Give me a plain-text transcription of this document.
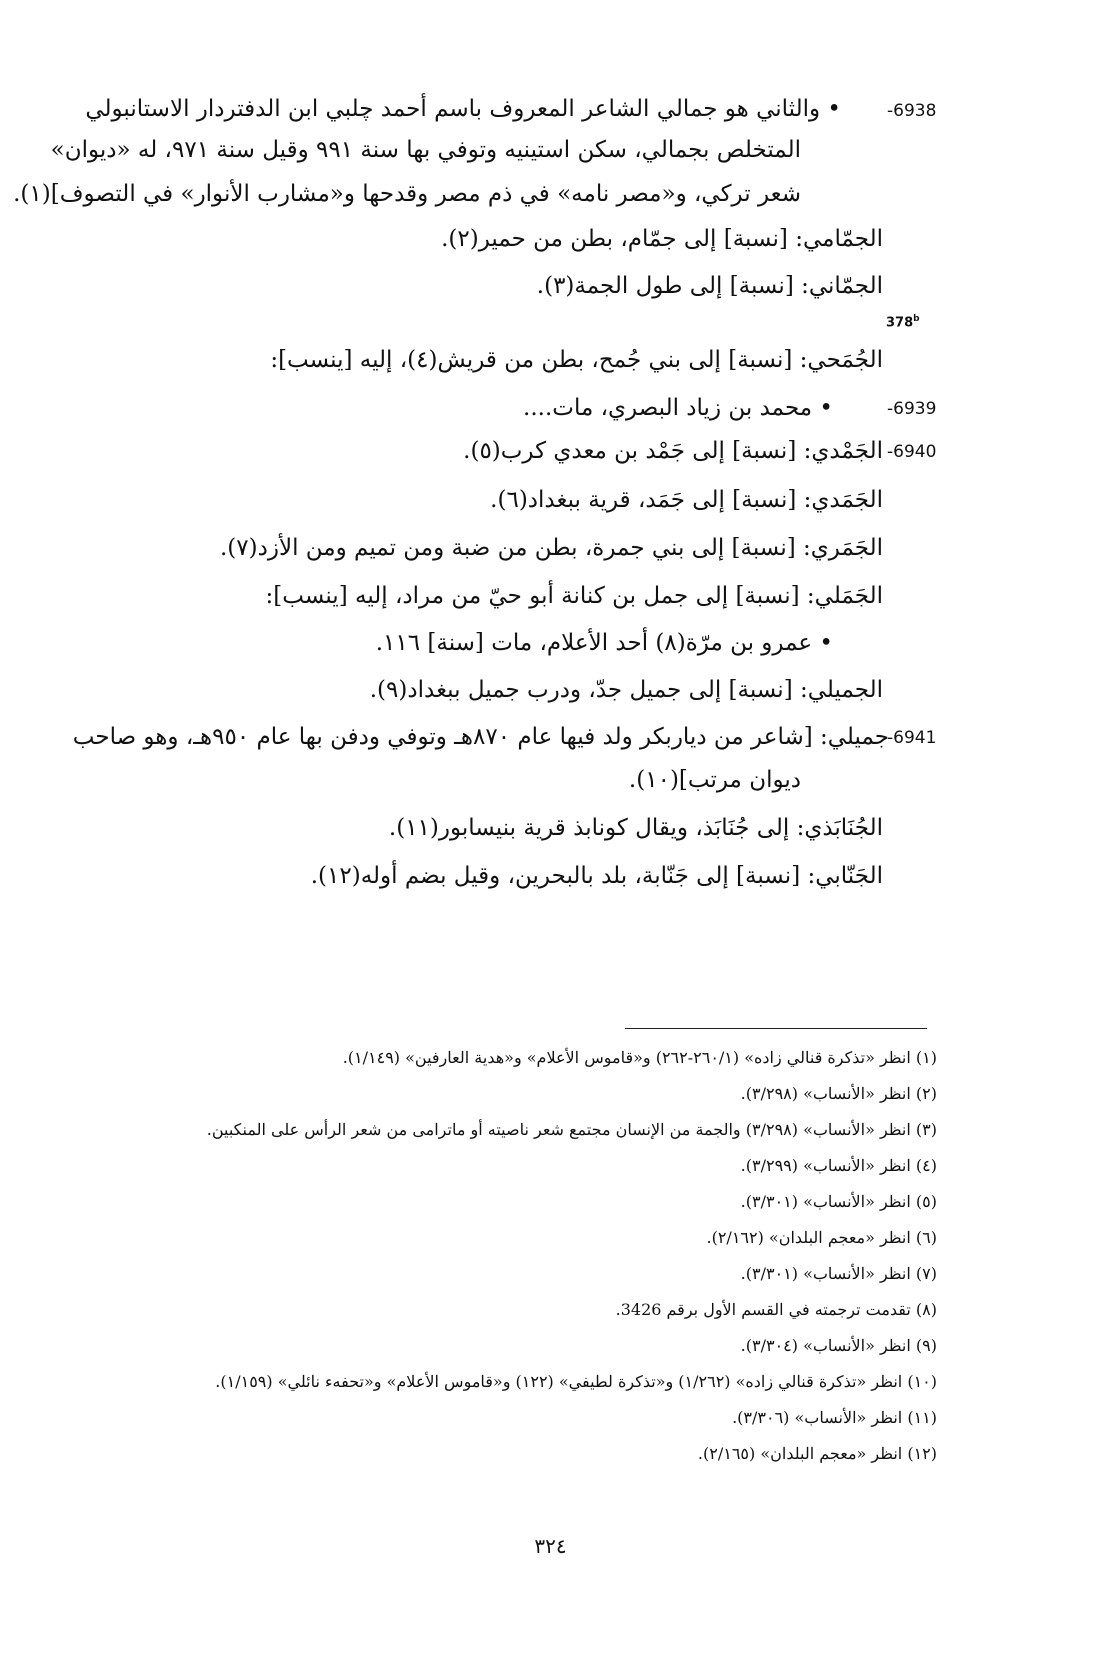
-6938
-6939
-6940
-6941
• والثاني هو جمالي الشاعر المعروف باسم أحمد چلبي ابن الدفتردار الاستانبولي
المتخلص بجمالي، سكن استينيه وتوفي بها سنة ٩٩١ وقيل سنة ٩٧١، له «ديوان»
شعر تركي، و«مصر نامه» في ذم مصر وقدحها و«مشارب الأنوار» في التصوف](١).
الجمّامي: [نسبة] إلى جمّام، بطن من حمير(٢).
الجمّاني: [نسبة] إلى طول الجمة(٣).
378$^b$
الجُمَحي: [نسبة] إلى بني جُمح، بطن من قريش(٤)، إليه [ينسب]:
• محمد بن زياد البصري، مات....
الجَمْدي: [نسبة] إلى جَمْد بن معدي كرب(٥).
الجَمَدي: [نسبة] إلى جَمَد، قرية ببغداد(٦).
الجَمَري: [نسبة] إلى بني جمرة، بطن من ضبة ومن تميم ومن الأزد(٧).
الجَمَلي: [نسبة] إلى جمل بن كنانة أبو حيّ من مراد، إليه [ينسب]:
• عمرو بن مرّة(٨) أحد الأعلام، مات [سنة] ١١٦.
الجميلي: [نسبة] إلى جميل جدّ، ودرب جميل ببغداد(٩).
جميلي: [شاعر من دياربكر ولد فيها عام ٨٧٠هـ وتوفي ودفن بها عام ٩٥٠هـ، وهو صاحب
ديوان مرتب](١٠).
الجُنَابَذي: إلى جُنَابَذ، ويقال كونابذ قرية بنيسابور(١١).
الجَنّابي: [نسبة] إلى جَنّابة، بلد بالبحرين، وقيل بضم أوله(١٢).
(١) انظر «تذكرة قنالي زاده» (٢٦٠/١-٢٦٢) و«قاموس الأعلام» و«هدية العارفين» (١/١٤٩).
(٢) انظر «الأنساب» (٣/٢٩٨).
(٣) انظر «الأنساب» (٣/٢٩٨) والجمة من الإنسان مجتمع شعر ناصيته أو ماترامى من شعر الرأس على المنكبين.
(٤) انظر «الأنساب» (٣/٢٩٩).
(٥) انظر «الأنساب» (٣/٣٠١).
(٦) انظر «معجم البلدان» (٢/١٦٢).
(٧) انظر «الأنساب» (٣/٣٠١).
(٨) تقدمت ترجمته في القسم الأول برقم 3426.
(٩) انظر «الأنساب» (٣/٣٠٤).
(١٠) انظر «تذكرة قنالي زاده» (١/٢٦٢) و«تذكرة لطيفي» (١٢٢) و«قاموس الأعلام» و«تحفهء نائلي» (١/١٥٩).
(١١) انظر «الأنساب» (٣/٣٠٦).
(١٢) انظر «معجم البلدان» (٢/١٦٥).
٣٢٤
